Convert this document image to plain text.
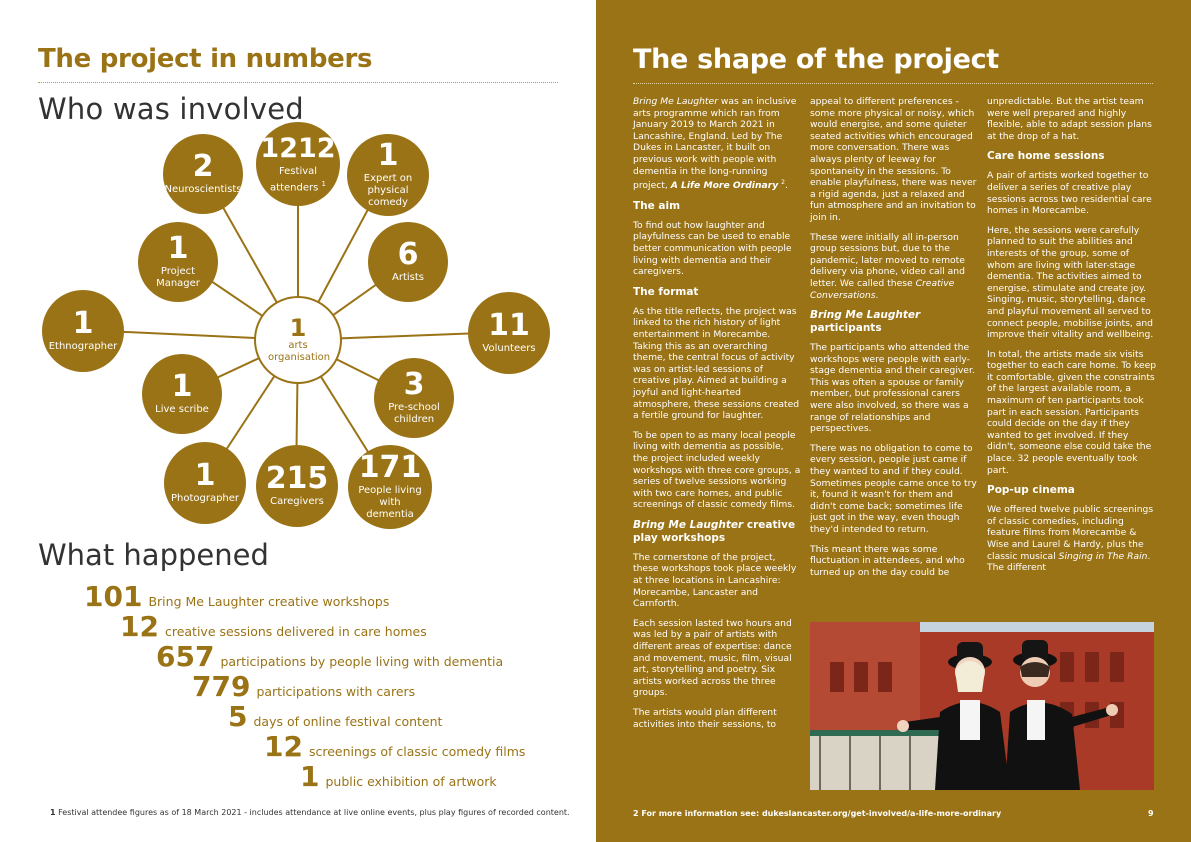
The project in numbers
Who was involved
2
Neuroscientists
1212
Festival attenders $^1$
1
Expert on physical comedy
1
Project Manager
6
Artists
1
Ethnographer
11
Volunteers
1
Live scribe
3
Pre-school children
1
Photographer
215
Caregivers
171
People living with dementia
1
arts organisation
What happened
101 Bring Me Laughter creative workshops
12 creative sessions delivered in care homes
657 participations by people living with dementia
779 participations with carers
5 days of online festival content
12 screenings of classic comedy films
1 public exhibition of artwork
1 Festival attendee figures as of 18 March 2021 - includes attendance at live online events, plus play figures of recorded content.
The shape of the project

Bring Me Laughter was an inclusive arts programme which ran from January 2019 to March 2021 in Lancashire, England. Led by The Dukes in Lancaster, it built on previous work with people with dementia in the long-running project, A Life More Ordinary $^2$.

The aim

To find out how laughter and playfulness can be used to enable better communication with people living with dementia and their caregivers.

The format

As the title reflects, the project was linked to the rich history of light entertainment in Morecambe. Taking this as an overarching theme, the central focus of activity was on artist-led sessions of creative play. Aimed at building a joyful and light-hearted atmosphere, these sessions created a fertile ground for laughter.

To be open to as many local people living with dementia as possible, the project included weekly workshops with three core groups, a series of twelve sessions working with two care homes, and public screenings of classic comedy films.

Bring Me Laughter creative play workshops

The cornerstone of the project, these workshops took place weekly at three locations in Lancashire: Morecambe, Lancaster and Carnforth.

Each session lasted two hours and was led by a pair of artists with different areas of expertise: dance and movement, music, film, visual art, storytelling and poetry. Six artists worked across the three groups.

The artists would plan different activities into their sessions, to

appeal to different preferences - some more physical or noisy, which would energise, and some quieter seated activities which encouraged more conversation. There was always plenty of leeway for spontaneity in the sessions. To enable playfulness, there was never a rigid agenda, just a relaxed and fun atmosphere and an invitation to join in.

These were initially all in-person group sessions but, due to the pandemic, later moved to remote delivery via phone, video call and letter. We called these Creative Conversations.

Bring Me Laughter
participants

The participants who attended the workshops were people with early-stage dementia and their caregiver. This was often a spouse or family member, but professional carers were also involved, so there was a range of relationships and perspectives.

There was no obligation to come to every session, people just came if they wanted to and if they could. Sometimes people came once to try it, found it wasn't for them and didn't come back; sometimes life just got in the way, even though they'd intended to return.

This meant there was some fluctuation in attendees, and who turned up on the day could be

unpredictable. But the artist team were well prepared and highly flexible, able to adapt session plans at the drop of a hat.

Care home sessions

A pair of artists worked together to deliver a series of creative play sessions across two residential care homes in Morecambe.

Here, the sessions were carefully planned to suit the abilities and interests of the group, some of whom are living with later-stage dementia. The activities aimed to energise, stimulate and create joy. Singing, music, storytelling, dance and playful movement all served to connect people, mobilise joints, and improve their vitality and wellbeing.

In total, the artists made six visits together to each care home. To keep it comfortable, given the constraints of the largest available room, a maximum of ten participants took part in each session. Participants could decide on the day if they wanted to get involved. If they didn't, someone else could take the place. 32 people eventually took part.

Pop-up cinema

We offered twelve public screenings of classic comedies, including feature films from Morecambe & Wise and Laurel & Hardy, plus the classic musical Singing in The Rain. The different

2 For more information see: dukeslancaster.org/get-involved/a-life-more-ordinary	9
